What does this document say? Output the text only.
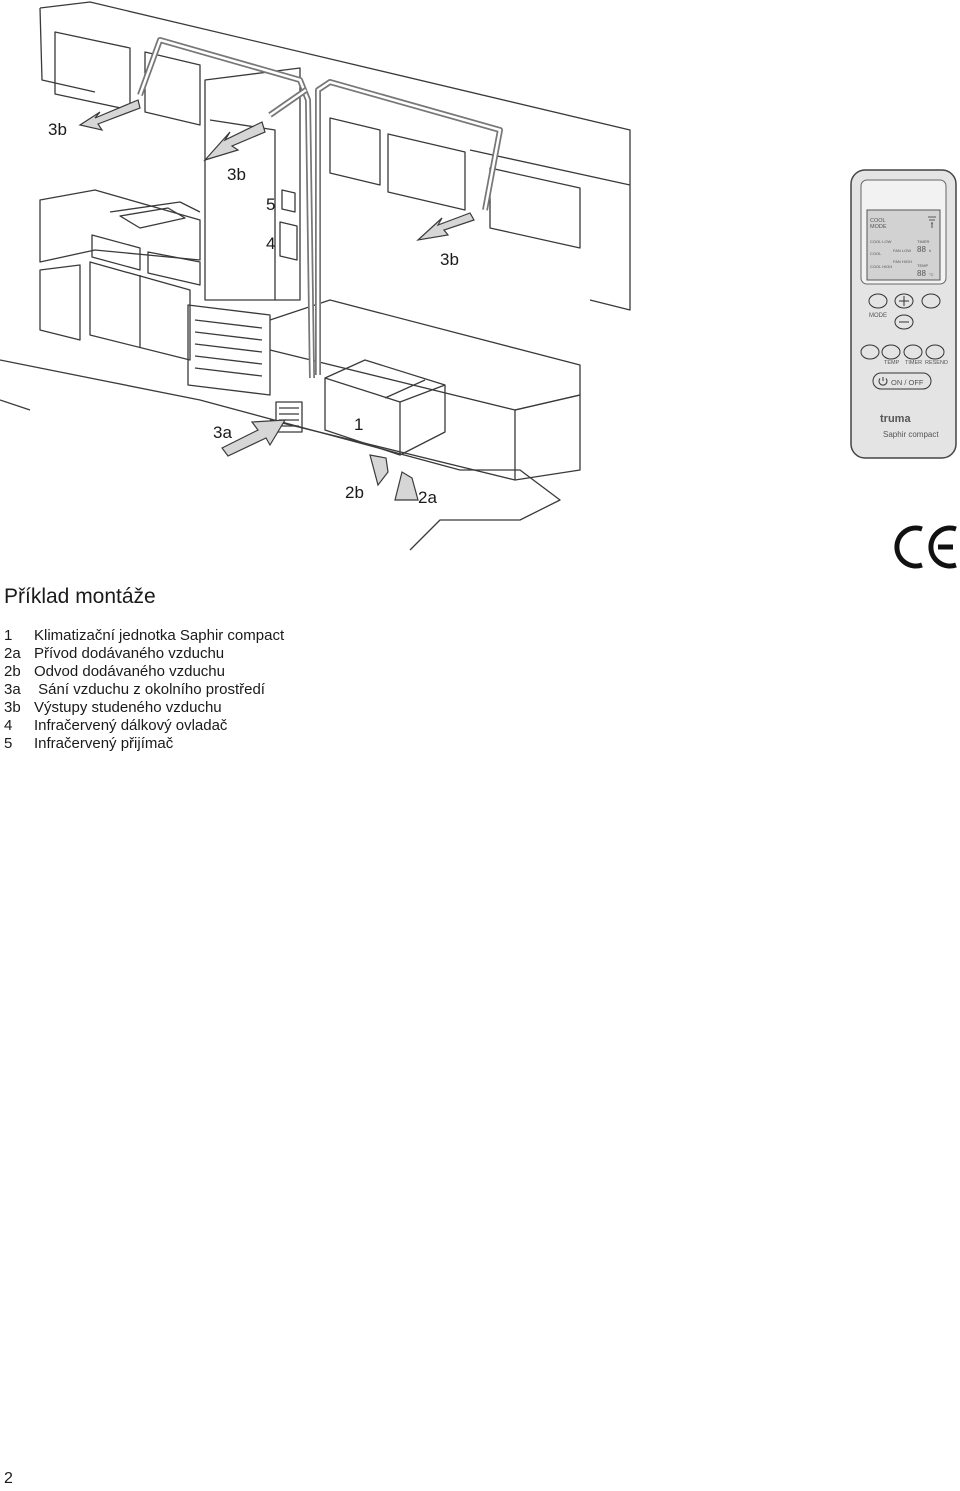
3b
3b
5
4
3b
3a	1
2b	2a
COOL MODE
COOL LOW
COOL
COOL HIGH
FAN LOW
FAN HIGH
TIMER
88 h
TEMP
88 °C
MODE
TEMP TIMER RESEND
ON / OFF
truma
Saphir compact
Příklad montáže
1 Klimatizační jednotka Saphir compact
2a Přívod dodávaného vzduchu
2b Odvod dodávaného vzduchu
3a Sání vzduchu z okolního prostředí
3b Výstupy studeného vzduchu
4 Infračervený dálkový ovladač
5 Infračervený přijímač
2
